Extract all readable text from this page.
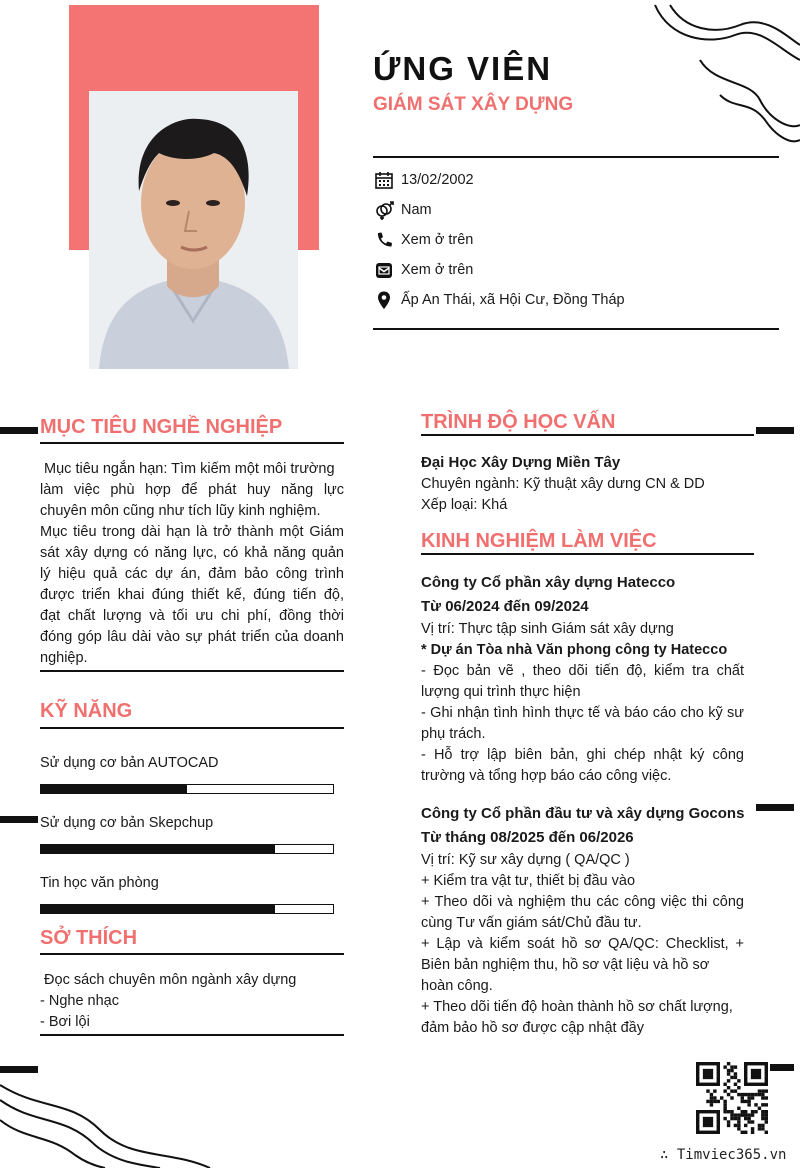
ỨNG VIÊN
GIÁM SÁT XÂY DỰNG
13/02/2002
Nam
Xem ở trên
Xem ở trên
Ấp An Thái, xã Hội Cư, Đồng Tháp
MỤC TIÊU NGHỀ NGHIỆP
Mục tiêu ngắn hạn: Tìm kiếm một môi trường
làm việc phù hợp để phát huy năng lực
chuyên môn cũng như tích lũy kinh nghiệm.
Mục tiêu trong dài hạn là trở thành một Giám
sát xây dựng có năng lực, có khả năng quản
lý hiệu quả các dự án, đảm bảo công trình
được triển khai đúng thiết kế, đúng tiến độ,
đạt chất lượng và tối ưu chi phí, đồng thời
đóng góp lâu dài vào sự phát triển của doanh
nghiệp.
KỸ NĂNG
Sử dụng cơ bản AUTOCAD
Sử dụng cơ bản Skepchup
Tin học văn phòng
SỞ THÍCH
Đọc sách chuyên môn ngành xây dựng
- Nghe nhạc
- Bơi lội
TRÌNH ĐỘ HỌC VẤN
Đại Học Xây Dựng Miền Tây
Chuyên ngành: Kỹ thuật xây dưng CN & DD
Xếp loại: Khá
KINH NGHIỆM LÀM VIỆC
Công ty Cổ phần xây dựng Hatecco
Từ 06/2024 đến 09/2024
Vị trí: Thực tập sinh Giám sát xây dựng
* Dự án Tòa nhà Văn phong công ty Hatecco
- Đọc bản vẽ , theo dõi tiến độ, kiểm tra chất
lượng qui trình thực hiện
- Ghi nhận tình hình thực tế và báo cáo cho kỹ sư
phụ trách.
- Hỗ trợ lập biên bản, ghi chép nhật ký công
trường và tổng hợp báo cáo công việc.
Công ty Cổ phần đầu tư và xây dựng Gocons
Từ tháng 08/2025 đến 06/2026
Vị trí: Kỹ sư xây dựng ( QA/QC )
+ Kiểm tra vật tư, thiết bị đầu vào
+ Theo dõi và nghiệm thu các công việc thi công
cùng Tư vấn giám sát/Chủ đầu tư.
+ Lập và kiểm soát hồ sơ QA/QC: Checklist, +
Biên bản nghiệm thu, hồ sơ vật liệu và hồ sơ
hoàn công.
+ Theo dõi tiến độ hoàn thành hồ sơ chất lượng,
đảm bảo hồ sơ được cập nhật đầy
∴ Timviec365.vn
